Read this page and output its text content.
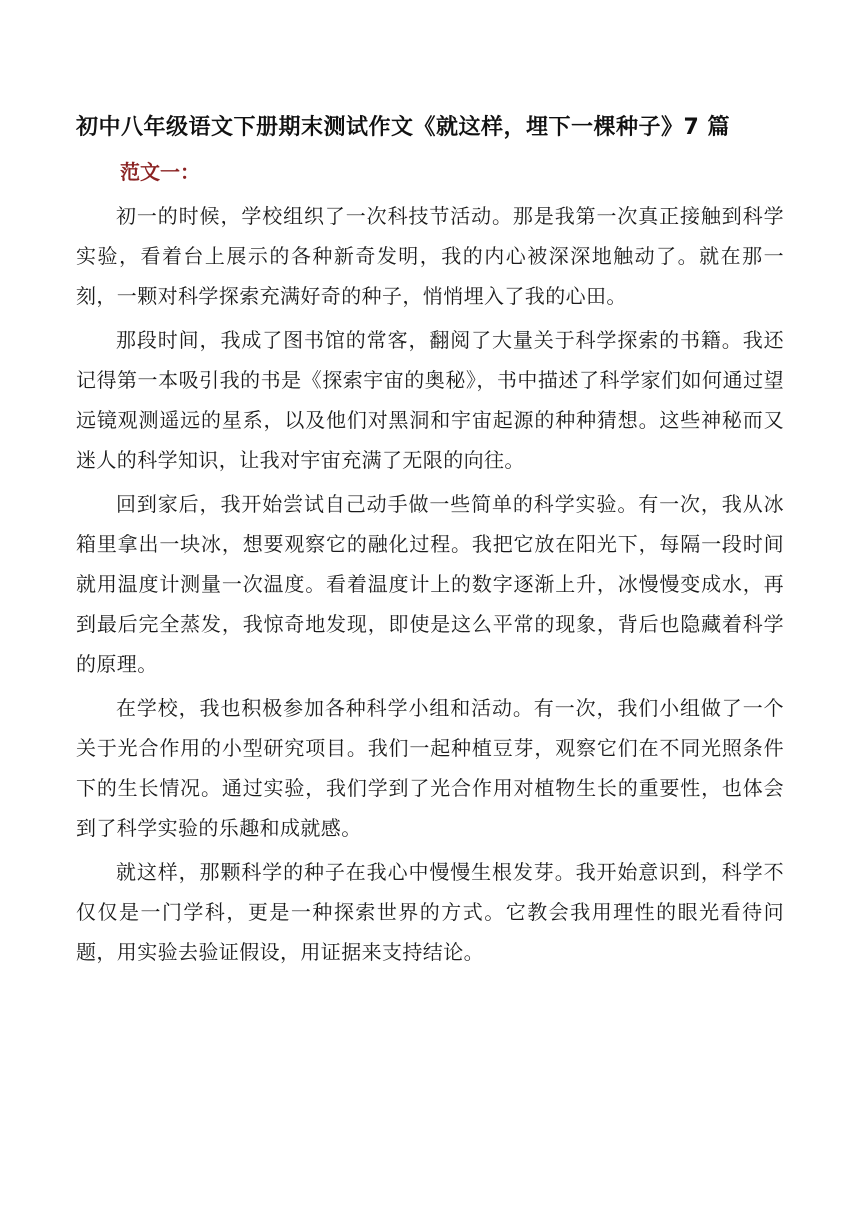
初中八年级语文下册期末测试作文《就这样，埋下一棵种子》7 篇
范文一：

初一的时候，学校组织了一次科技节活动。那是我第一次真正接触到科学实验，看着台上展示的各种新奇发明，我的内心被深深地触动了。就在那一刻，一颗对科学探索充满好奇的种子，悄悄埋入了我的心田。

那段时间，我成了图书馆的常客，翻阅了大量关于科学探索的书籍。我还记得第一本吸引我的书是《探索宇宙的奥秘》，书中描述了科学家们如何通过望远镜观测遥远的星系，以及他们对黑洞和宇宙起源的种种猜想。这些神秘而又迷人的科学知识，让我对宇宙充满了无限的向往。

回到家后，我开始尝试自己动手做一些简单的科学实验。有一次，我从冰箱里拿出一块冰，想要观察它的融化过程。我把它放在阳光下，每隔一段时间就用温度计测量一次温度。看着温度计上的数字逐渐上升，冰慢慢变成水，再到最后完全蒸发，我惊奇地发现，即使是这么平常的现象，背后也隐藏着科学的原理。

在学校，我也积极参加各种科学小组和活动。有一次，我们小组做了一个关于光合作用的小型研究项目。我们一起种植豆芽，观察它们在不同光照条件下的生长情况。通过实验，我们学到了光合作用对植物生长的重要性，也体会到了科学实验的乐趣和成就感。

就这样，那颗科学的种子在我心中慢慢生根发芽。我开始意识到，科学不仅仅是一门学科，更是一种探索世界的方式。它教会我用理性的眼光看待问题，用实验去验证假设，用证据来支持结论。
